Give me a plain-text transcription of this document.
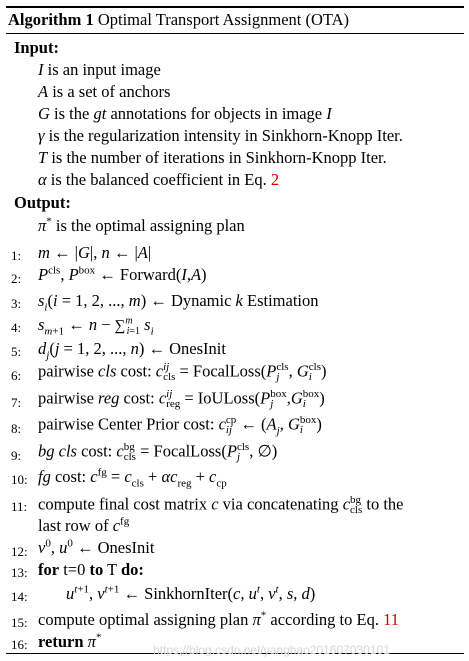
Algorithm 1 Optimal Transport Assignment (OTA)
Input:
I is an input image
A is a set of anchors
G is the gt annotations for objects in image I
γ is the regularization intensity in Sinkhorn-Knopp Iter.
T is the number of iterations in Sinkhorn-Knopp Iter.
α is the balanced coefficient in Eq. 2
Output:
π* is the optimal assigning plan
1: m ← |G|, n ← |A|
2: $P^{cls}$, $P^{box}$ ← Forward(I,A)
3: $s_i(i = 1$, 2, ..., m) ← Dynamic k Estimation
4: $s_{m+1}$ ← n − ∑$^m_{i=1}$ $s_i$
5: $d_j(j = 1$, 2, ..., n) ← OnesInit
6: pairwise cls cost: c ij
cls = FocalLoss(P cls
j , G cls
i )
7: pairwise reg cost: c ij
reg = IoULoss(P box
j ,G box
i )
8: pairwise Center Prior cost: c cp
ij ← ($A_j$, G box
i )
9: bg cls cost: c bg
cls = FocalLoss(P cls
j , ∅)
10: fg cost: $c^{fg} = c_{cls} + \alpha c_{reg} + c_{cp}$
11: compute final cost matrix c via concatenating c bg
cls to the
last row of $c^{fg}$
12: $v^0$, $u^0$ ← OnesInit
13: for t=0 to T do:
14: $u^{t+1}$, $v^{t+1}$ ← SinkhornIter(c, $u^t$, $v^t$, s, d)
15: compute optimal assigning plan π* according to Eq. 11
16: return π*
https://blog.csdn.net/yanghao201607030101
